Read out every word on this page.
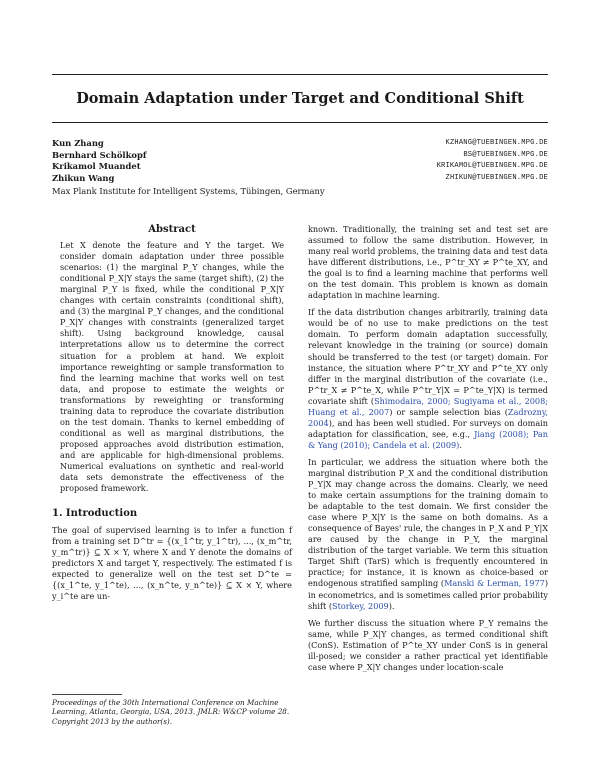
Domain Adaptation under Target and Conditional Shift
Kun Zhang	KZHANG@TUEBINGEN.MPG.DE
Bernhard Schölkopf	BS@TUEBINGEN.MPG.DE
Krikamol Muandet	KRIKAMOL@TUEBINGEN.MPG.DE
Zhikun Wang	ZHIKUN@TUEBINGEN.MPG.DE
Max Plank Institute for Intelligent Systems, Tübingen, Germany
Abstract

Let X denote the feature and Y the target. We consider domain adaptation under three possible scenarios: (1) the marginal P_Y changes, while the conditional P_X|Y stays the same (target shift), (2) the marginal P_Y is fixed, while the conditional P_X|Y changes with certain constraints (conditional shift), and (3) the marginal P_Y changes, and the conditional P_X|Y changes with constraints (generalized target shift). Using background knowledge, causal interpretations allow us to determine the correct situation for a problem at hand. We exploit importance reweighting or sample transformation to find the learning machine that works well on test data, and propose to estimate the weights or transformations by reweighting or transforming training data to reproduce the covariate distribution on the test domain. Thanks to kernel embedding of conditional as well as marginal distributions, the proposed approaches avoid distribution estimation, and are applicable for high-dimensional problems. Numerical evaluations on synthetic and real-world data sets demonstrate the effectiveness of the proposed framework.

1. Introduction

The goal of supervised learning is to infer a function f from a training set D^tr = {(x_1^tr, y_1^tr), ..., (x_m^tr, y_m^tr)} ⊆ X × Y, where X and Y denote the domains of predictors X and target Y, respectively. The estimated f is expected to generalize well on the test set D^te = {(x_1^te, y_1^te), ..., (x_n^te, y_n^te)} ⊆ X × Y, where y_i^te are un-

known. Traditionally, the training set and test set are assumed to follow the same distribution. However, in many real world problems, the training data and test data have different distributions, i.e., P^tr_XY ≠ P^te_XY, and the goal is to find a learning machine that performs well on the test domain. This problem is known as domain adaptation in machine learning.

If the data distribution changes arbitrarily, training data would be of no use to make predictions on the test domain. To perform domain adaptation successfully, relevant knowledge in the training (or source) domain should be transferred to the test (or target) domain. For instance, the situation where P^tr_XY and P^te_XY only differ in the marginal distribution of the covariate (i.e., P^tr_X ≠ P^te_X, while P^tr_Y|X = P^te_Y|X) is termed covariate shift (Shimodaira, 2000; Sugiyama et al., 2008; Huang et al., 2007) or sample selection bias (Zadrozny, 2004), and has been well studied. For surveys on domain adaptation for classification, see, e.g., Jiang (2008); Pan & Yang (2010); Candela et al. (2009).

In particular, we address the situation where both the marginal distribution P_X and the conditional distribution P_Y|X may change across the domains. Clearly, we need to make certain assumptions for the training domain to be adaptable to the test domain. We first consider the case where P_X|Y is the same on both domains. As a consequence of Bayes' rule, the changes in P_X and P_Y|X are caused by the change in P_Y, the marginal distribution of the target variable. We term this situation Target Shift (TarS) which is frequently encountered in practice; for instance, it is known as choice-based or endogenous stratified sampling (Manski & Lerman, 1977) in econometrics, and is sometimes called prior probability shift (Storkey, 2009).

We further discuss the situation where P_Y remains the same, while P_X|Y changes, as termed conditional shift (ConS). Estimation of P^te_XY under ConS is in general ill-posed; we consider a rather practical yet identifiable case where P_X|Y changes under location-scale

Proceedings of the 30th International Conference on Machine Learning, Atlanta, Georgia, USA, 2013. JMLR: W&CP volume 28. Copyright 2013 by the author(s).
